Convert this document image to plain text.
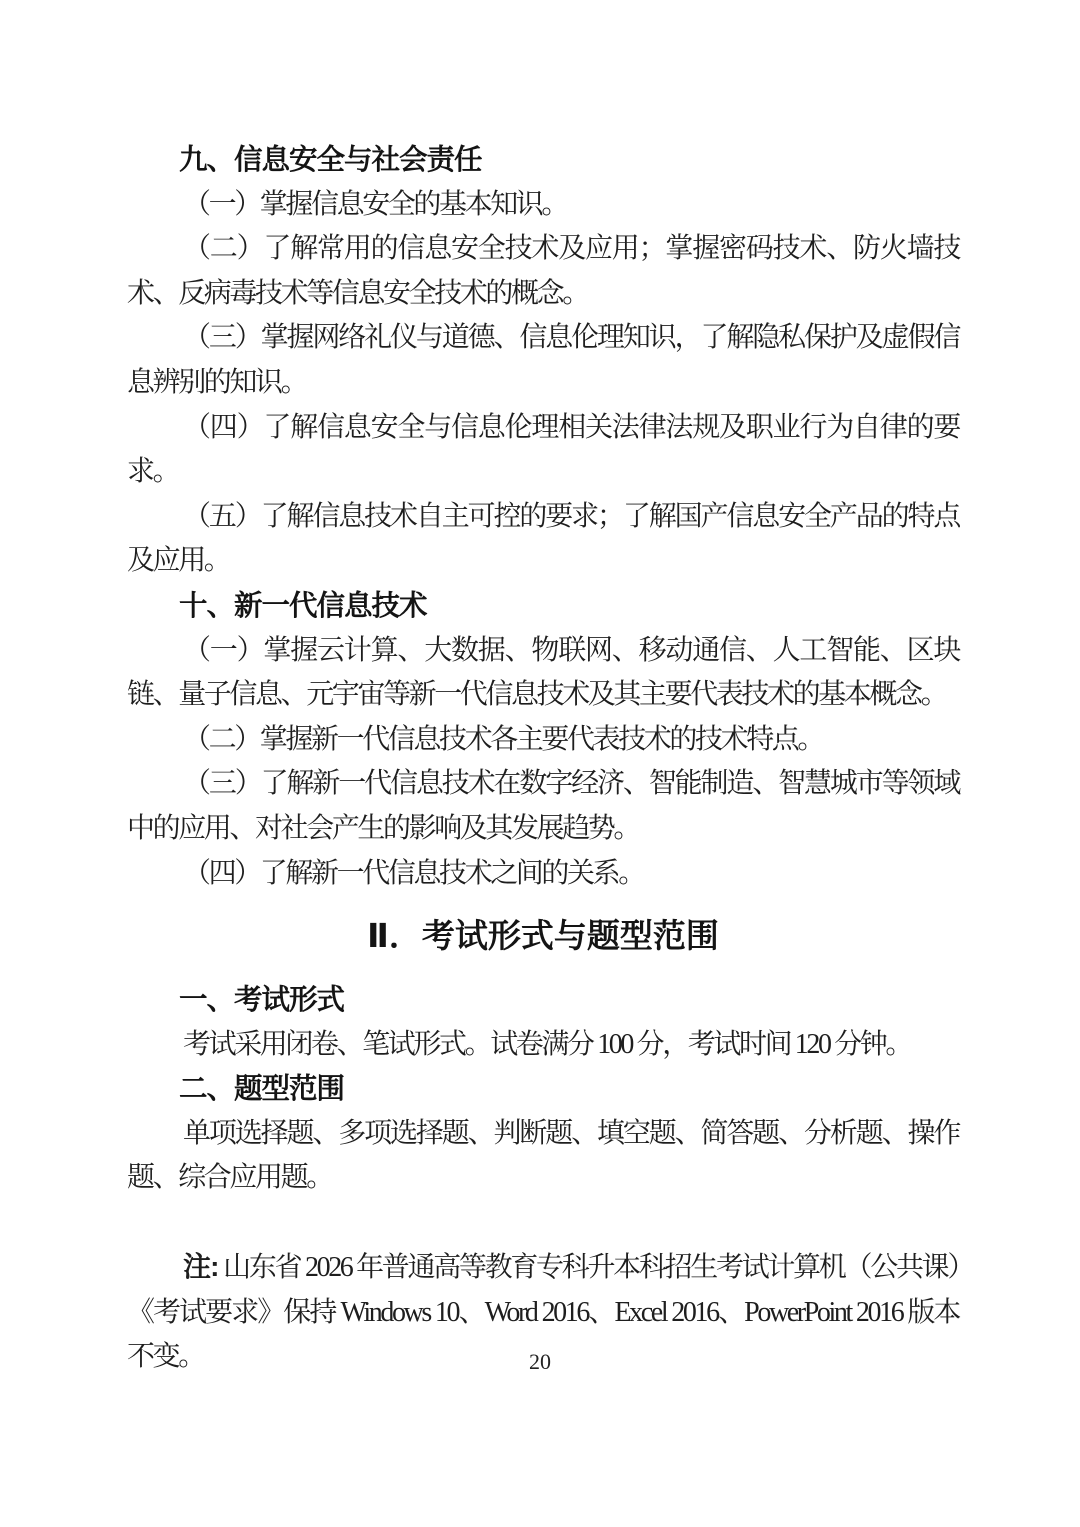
九、信息安全与社会责任

（一）掌握信息安全的基本知识。

（二）了解常用的信息安全技术及应用；掌握密码技术、防火墙技术、反病毒技术等信息安全技术的概念。

（三）掌握网络礼仪与道德、信息伦理知识，了解隐私保护及虚假信息辨别的知识。

（四）了解信息安全与信息伦理相关法律法规及职业行为自律的要求。

（五）了解信息技术自主可控的要求；了解国产信息安全产品的特点及应用。

十、新一代信息技术

（一）掌握云计算、大数据、物联网、移动通信、人工智能、区块链、量子信息、元宇宙等新一代信息技术及其主要代表技术的基本概念。

（二）掌握新一代信息技术各主要代表技术的技术特点。

（三）了解新一代信息技术在数字经济、智能制造、智慧城市等领域中的应用、对社会产生的影响及其发展趋势。

（四）了解新一代信息技术之间的关系。

Ⅱ．考试形式与题型范围
一、考试形式

考试采用闭卷、笔试形式。试卷满分 100 分，考试时间 120 分钟。

二、题型范围

单项选择题、多项选择题、判断题、填空题、简答题、分析题、操作题、综合应用题。

注: 山东省 2026 年普通高等教育专科升本科招生考试计算机（公共课）《考试要求》保持 Windows 10、Word 2016、Excel 2016、PowerPoint 2016 版本不变。	20
